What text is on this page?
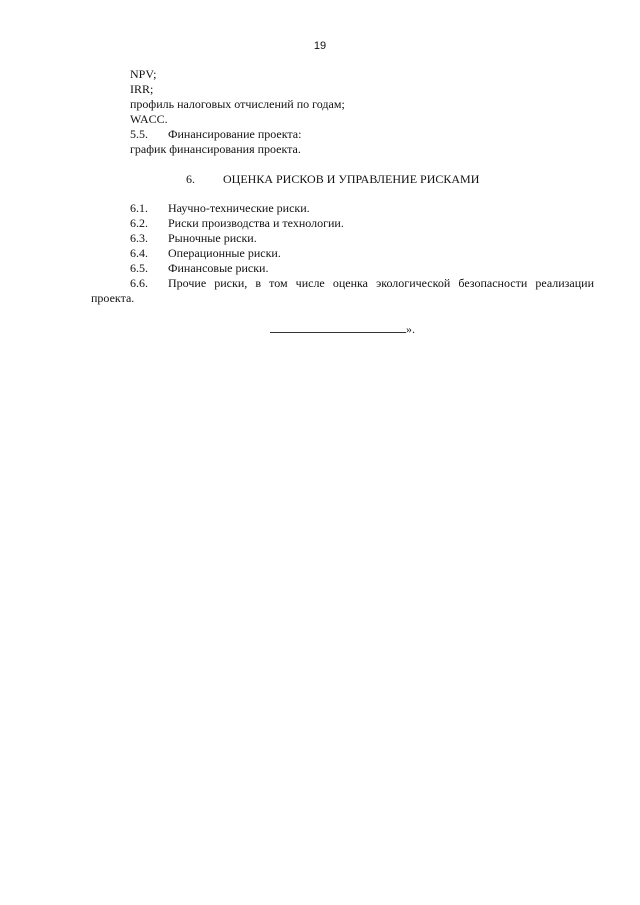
19
NPV;
IRR;
профиль налоговых отчислений по годам;
WACC.
5.5. Финансирование проекта:
график финансирования проекта.
6. ОЦЕНКА РИСКОВ И УПРАВЛЕНИЕ РИСКАМИ
6.1. Научно-технические риски.
6.2. Риски производства и технологии.
6.3. Рыночные риски.
6.4. Операционные риски.
6.5. Финансовые риски.
6.6. Прочие риски, в том числе оценка экологической безопасности реализации проекта.
».
